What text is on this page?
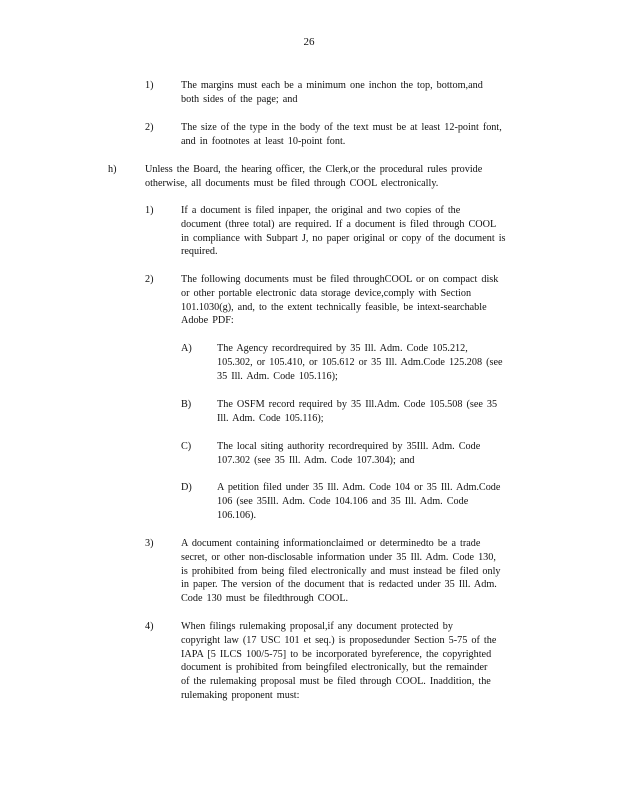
26
1)	The margins must each be a minimum one inchon the top, bottom,and
both sides of the page; and
2)	The size of the type in the body of the text must be at least 12-point font,
and in footnotes at least 10-point font.
h)	Unless the Board, the hearing officer, the Clerk,or the procedural rules provide
otherwise, all documents must be filed through COOL electronically.
1)	If a document is filed inpaper, the original and two copies of the
document (three total) are required. If a document is filed through COOL
in compliance with Subpart J, no paper original or copy of the document is
required.
2)	The following documents must be filed throughCOOL or on compact disk
or other portable electronic data storage device,comply with Section
101.1030(g), and, to the extent technically feasible, be intext-searchable
Adobe PDF:
A) The Agency recordrequired by 35 Ill. Adm. Code 105.212,
105.302, or 105.410, or 105.612 or 35 Ill. Adm.Code 125.208 (see
35 Ill. Adm. Code 105.116);
B)	The OSFM record required by 35 Ill.Adm. Code 105.508 (see 35
Ill. Adm. Code 105.116);
C)	The local siting authority recordrequired by 35Ill. Adm. Code
107.302 (see 35 Ill. Adm. Code 107.304); and
D) A petition filed under 35 Ill. Adm. Code 104 or 35 Ill. Adm.Code
106 (see 35Ill. Adm. Code 104.106 and 35 Ill. Adm. Code
106.106).
3)	A document containing informationclaimed or determinedto be a trade
secret, or other non-disclosable information under 35 Ill. Adm. Code 130,
is prohibited from being filed electronically and must instead be filed only
in paper. The version of the document that is redacted under 35 Ill. Adm.
Code 130 must be filedthrough COOL.
4)	When filings rulemaking proposal,if any document protected by
copyright law (17 USC 101 et seq.) is proposedunder Section 5-75 of the
IAPA [5 ILCS 100/5-75] to be incorporated byreference, the copyrighted
document is prohibited from beingfiled electronically, but the remainder
of the rulemaking proposal must be filed through COOL. Inaddition, the
rulemaking proponent must:
